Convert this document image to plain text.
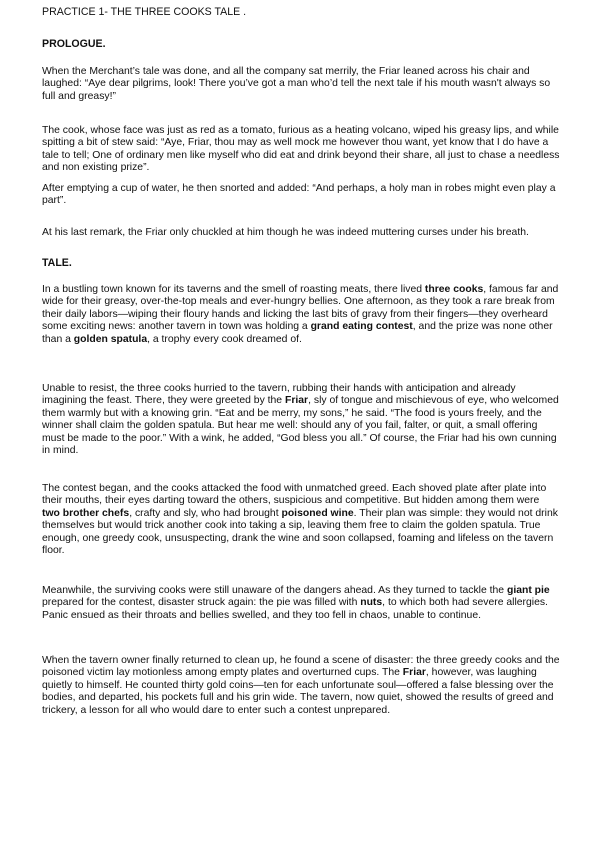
PRACTICE 1- THE THREE COOKS TALE .
PROLOGUE.

When the Merchant’s tale was done, and all the company sat merrily, the Friar leaned across his chair and laughed: “Aye dear pilgrims, look! There you’ve got a man who’d tell the next tale if his mouth wasn't always so full and greasy!”

The cook, whose face was just as red as a tomato, furious as a heating volcano, wiped his greasy lips, and while spitting a bit of stew said: “Aye, Friar, thou may as well mock me however thou want, yet know that I do have a tale to tell; One of ordinary men like myself who did eat and drink beyond their share, all just to chase a needless and non existing prize”.

After emptying a cup of water, he then snorted and added: “And perhaps, a holy man in robes might even play a part”.

At his last remark, the Friar only chuckled at him though he was indeed muttering curses under his breath.

TALE.

In a bustling town known for its taverns and the smell of roasting meats, there lived three cooks, famous far and wide for their greasy, over-the-top meals and ever-hungry bellies. One afternoon, as they took a rare break from their daily labors—wiping their floury hands and licking the last bits of gravy from their fingers—they overheard some exciting news: another tavern in town was holding a grand eating contest, and the prize was none other than a golden spatula, a trophy every cook dreamed of.

Unable to resist, the three cooks hurried to the tavern, rubbing their hands with anticipation and already imagining the feast. There, they were greeted by the Friar, sly of tongue and mischievous of eye, who welcomed them warmly but with a knowing grin. “Eat and be merry, my sons,” he said. “The food is yours freely, and the winner shall claim the golden spatula. But hear me well: should any of you fail, falter, or quit, a small offering must be made to the poor.” With a wink, he added, “God bless you all.” Of course, the Friar had his own cunning in mind.

The contest began, and the cooks attacked the food with unmatched greed. Each shoved plate after plate into their mouths, their eyes darting toward the others, suspicious and competitive. But hidden among them were two brother chefs, crafty and sly, who had brought poisoned wine. Their plan was simple: they would not drink themselves but would trick another cook into taking a sip, leaving them free to claim the golden spatula. True enough, one greedy cook, unsuspecting, drank the wine and soon collapsed, foaming and lifeless on the tavern floor.

Meanwhile, the surviving cooks were still unaware of the dangers ahead. As they turned to tackle the giant pie prepared for the contest, disaster struck again: the pie was filled with nuts, to which both had severe allergies. Panic ensued as their throats and bellies swelled, and they too fell in chaos, unable to continue.

When the tavern owner finally returned to clean up, he found a scene of disaster: the three greedy cooks and the poisoned victim lay motionless among empty plates and overturned cups. The Friar, however, was laughing quietly to himself. He counted thirty gold coins—ten for each unfortunate soul—offered a false blessing over the bodies, and departed, his pockets full and his grin wide. The tavern, now quiet, showed the results of greed and trickery, a lesson for all who would dare to enter such a contest unprepared.
